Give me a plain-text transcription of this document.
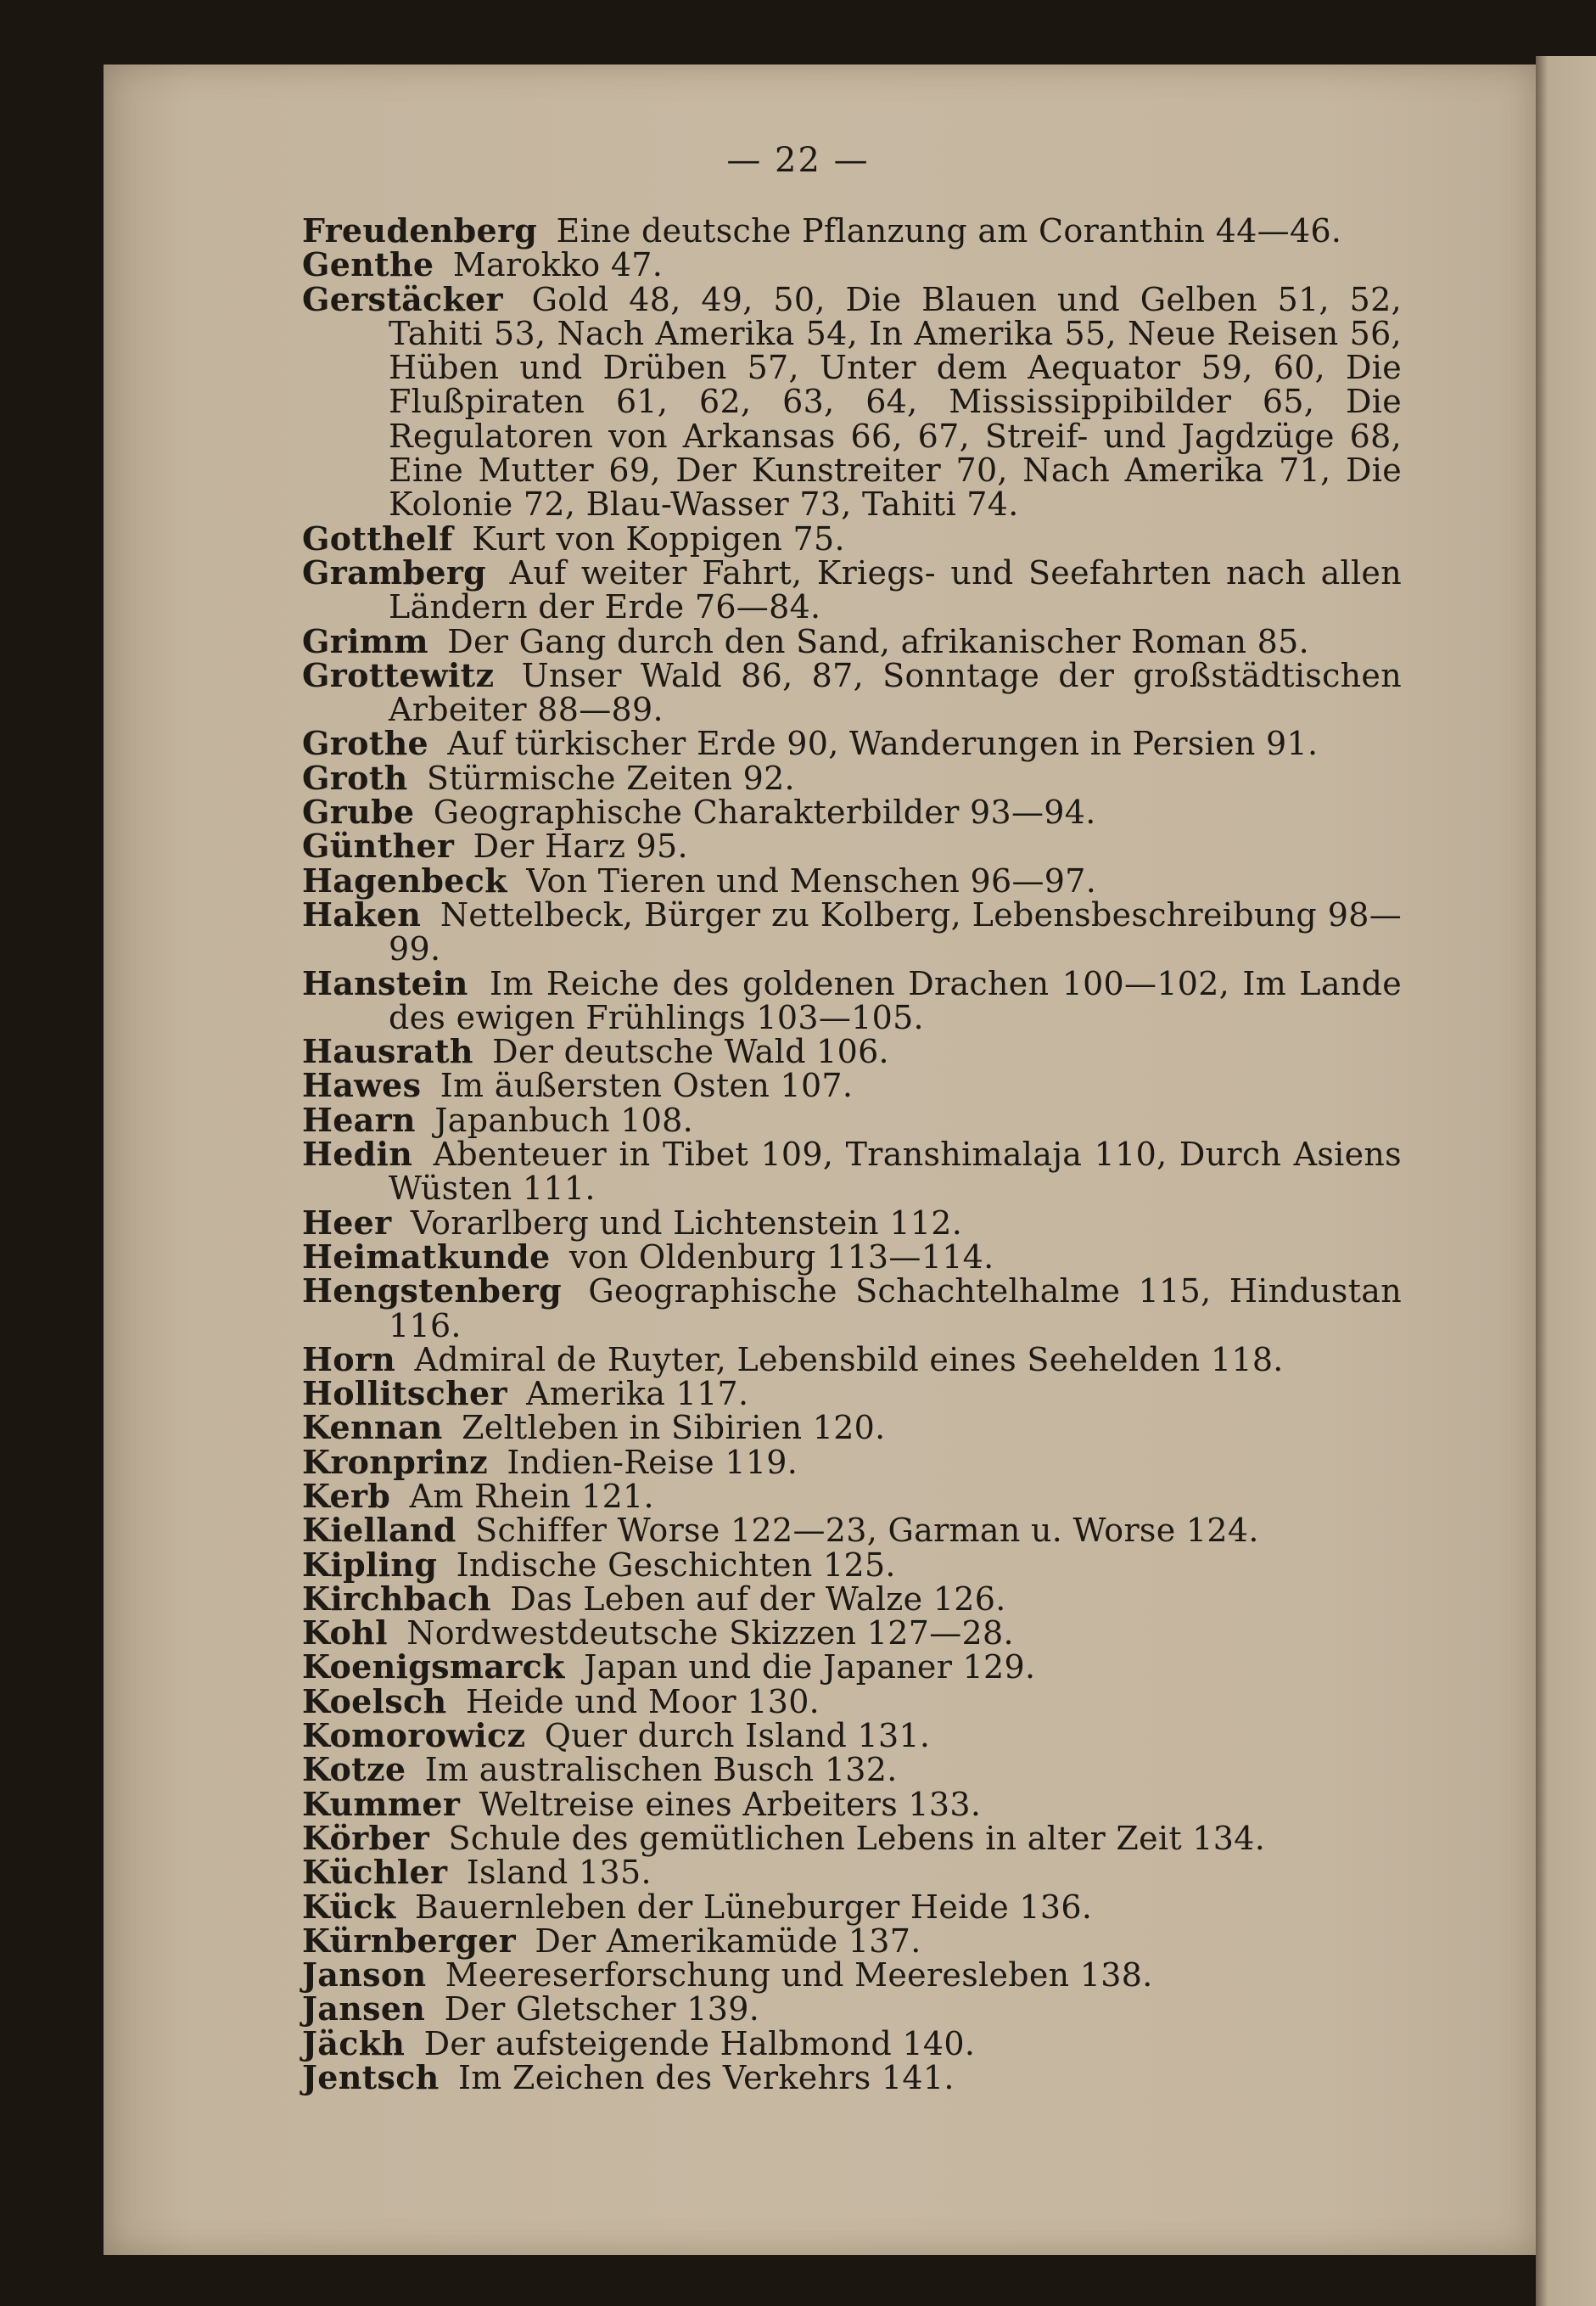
— 22 —

Freudenberg Eine deutsche Pflanzung am Coranthin 44—46.

Genthe Marokko 47.

Gerstäcker Gold 48, 49, 50, Die Blauen und Gelben 51, 52, Tahiti 53, Nach Amerika 54, In Amerika 55, Neue Reisen 56, Hüben und Drüben 57, Unter dem Aequator 59, 60, Die Flußpiraten 61, 62, 63, 64, Mississippibilder 65, Die Regulatoren von Arkansas 66, 67, Streif- und Jagdzüge 68, Eine Mutter 69, Der Kunstreiter 70, Nach Amerika 71, Die Kolonie 72, Blau-Wasser 73, Tahiti 74.

Gotthelf Kurt von Koppigen 75.

Gramberg Auf weiter Fahrt, Kriegs- und Seefahrten nach allen Ländern der Erde 76—84.

Grimm Der Gang durch den Sand, afrikanischer Roman 85.

Grottewitz Unser Wald 86, 87, Sonntage der großstädtischen Arbeiter 88—89.

Grothe Auf türkischer Erde 90, Wanderungen in Persien 91.

Groth Stürmische Zeiten 92.

Grube Geographische Charakterbilder 93—94.

Günther Der Harz 95.

Hagenbeck Von Tieren und Menschen 96—97.

Haken Nettelbeck, Bürger zu Kolberg, Lebensbeschreibung 98—99.

Hanstein Im Reiche des goldenen Drachen 100—102, Im Lande des ewigen Frühlings 103—105.

Hausrath Der deutsche Wald 106.

Hawes Im äußersten Osten 107.

Hearn Japanbuch 108.

Hedin Abenteuer in Tibet 109, Transhimalaja 110, Durch Asiens Wüsten 111.

Heer Vorarlberg und Lichtenstein 112.

Heimatkunde von Oldenburg 113—114.

Hengstenberg Geographische Schachtelhalme 115, Hindustan 116.

Horn Admiral de Ruyter, Lebensbild eines Seehelden 118.

Hollitscher Amerika 117.

Kennan Zeltleben in Sibirien 120.

Kronprinz Indien-Reise 119.

Kerb Am Rhein 121.

Kielland Schiffer Worse 122—23, Garman u. Worse 124.

Kipling Indische Geschichten 125.

Kirchbach Das Leben auf der Walze 126.

Kohl Nordwestdeutsche Skizzen 127—28.

Koenigsmarck Japan und die Japaner 129.

Koelsch Heide und Moor 130.

Komorowicz Quer durch Island 131.

Kotze Im australischen Busch 132.

Kummer Weltreise eines Arbeiters 133.

Körber Schule des gemütlichen Lebens in alter Zeit 134.

Küchler Island 135.

Kück Bauernleben der Lüneburger Heide 136.

Kürnberger Der Amerikamüde 137.

Janson Meereserforschung und Meeresleben 138.

Jansen Der Gletscher 139.

Jäckh Der aufsteigende Halbmond 140.

Jentsch Im Zeichen des Verkehrs 141.
